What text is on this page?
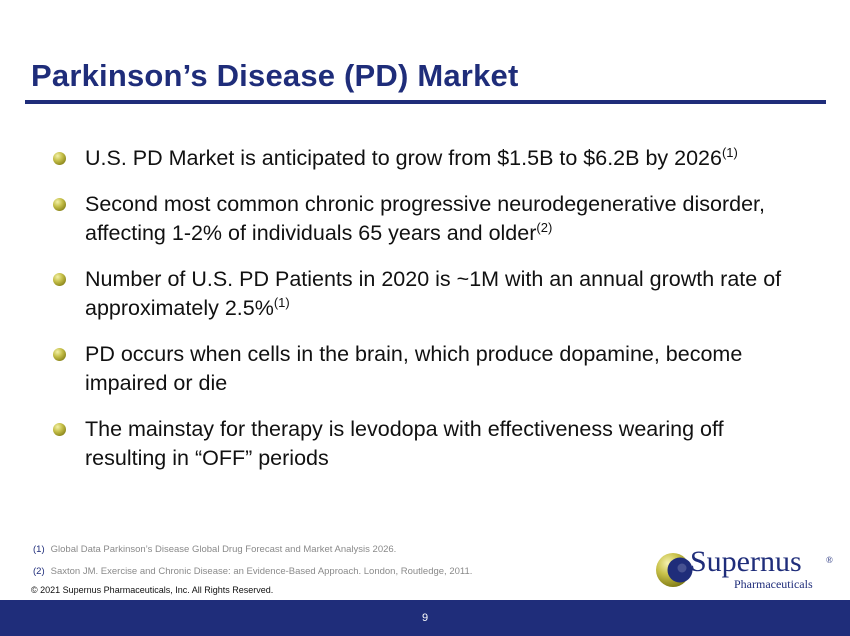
Parkinson’s Disease (PD) Market
U.S. PD Market is anticipated to grow from $1.5B to $6.2B by 2026$^{(1)}$
Second most common chronic progressive neurodegenerative disorder, affecting 1-2% of individuals 65 years and older$^{(2)}$
Number of U.S. PD Patients in 2020 is ~1M with an annual growth rate of approximately 2.5%$^{(1)}$
PD occurs when cells in the brain, which produce dopamine, become impaired or die
The mainstay for therapy is levodopa with effectiveness wearing off resulting in “OFF” periods
(1) Global Data Parkinson’s Disease Global Drug Forecast and Market Analysis 2026.
(2) Saxton JM. Exercise and Chronic Disease: an Evidence-Based Approach. London, Routledge, 2011.
© 2021 Supernus Pharmaceuticals, Inc. All Rights Reserved.
Supernus	®
Pharmaceuticals
9
